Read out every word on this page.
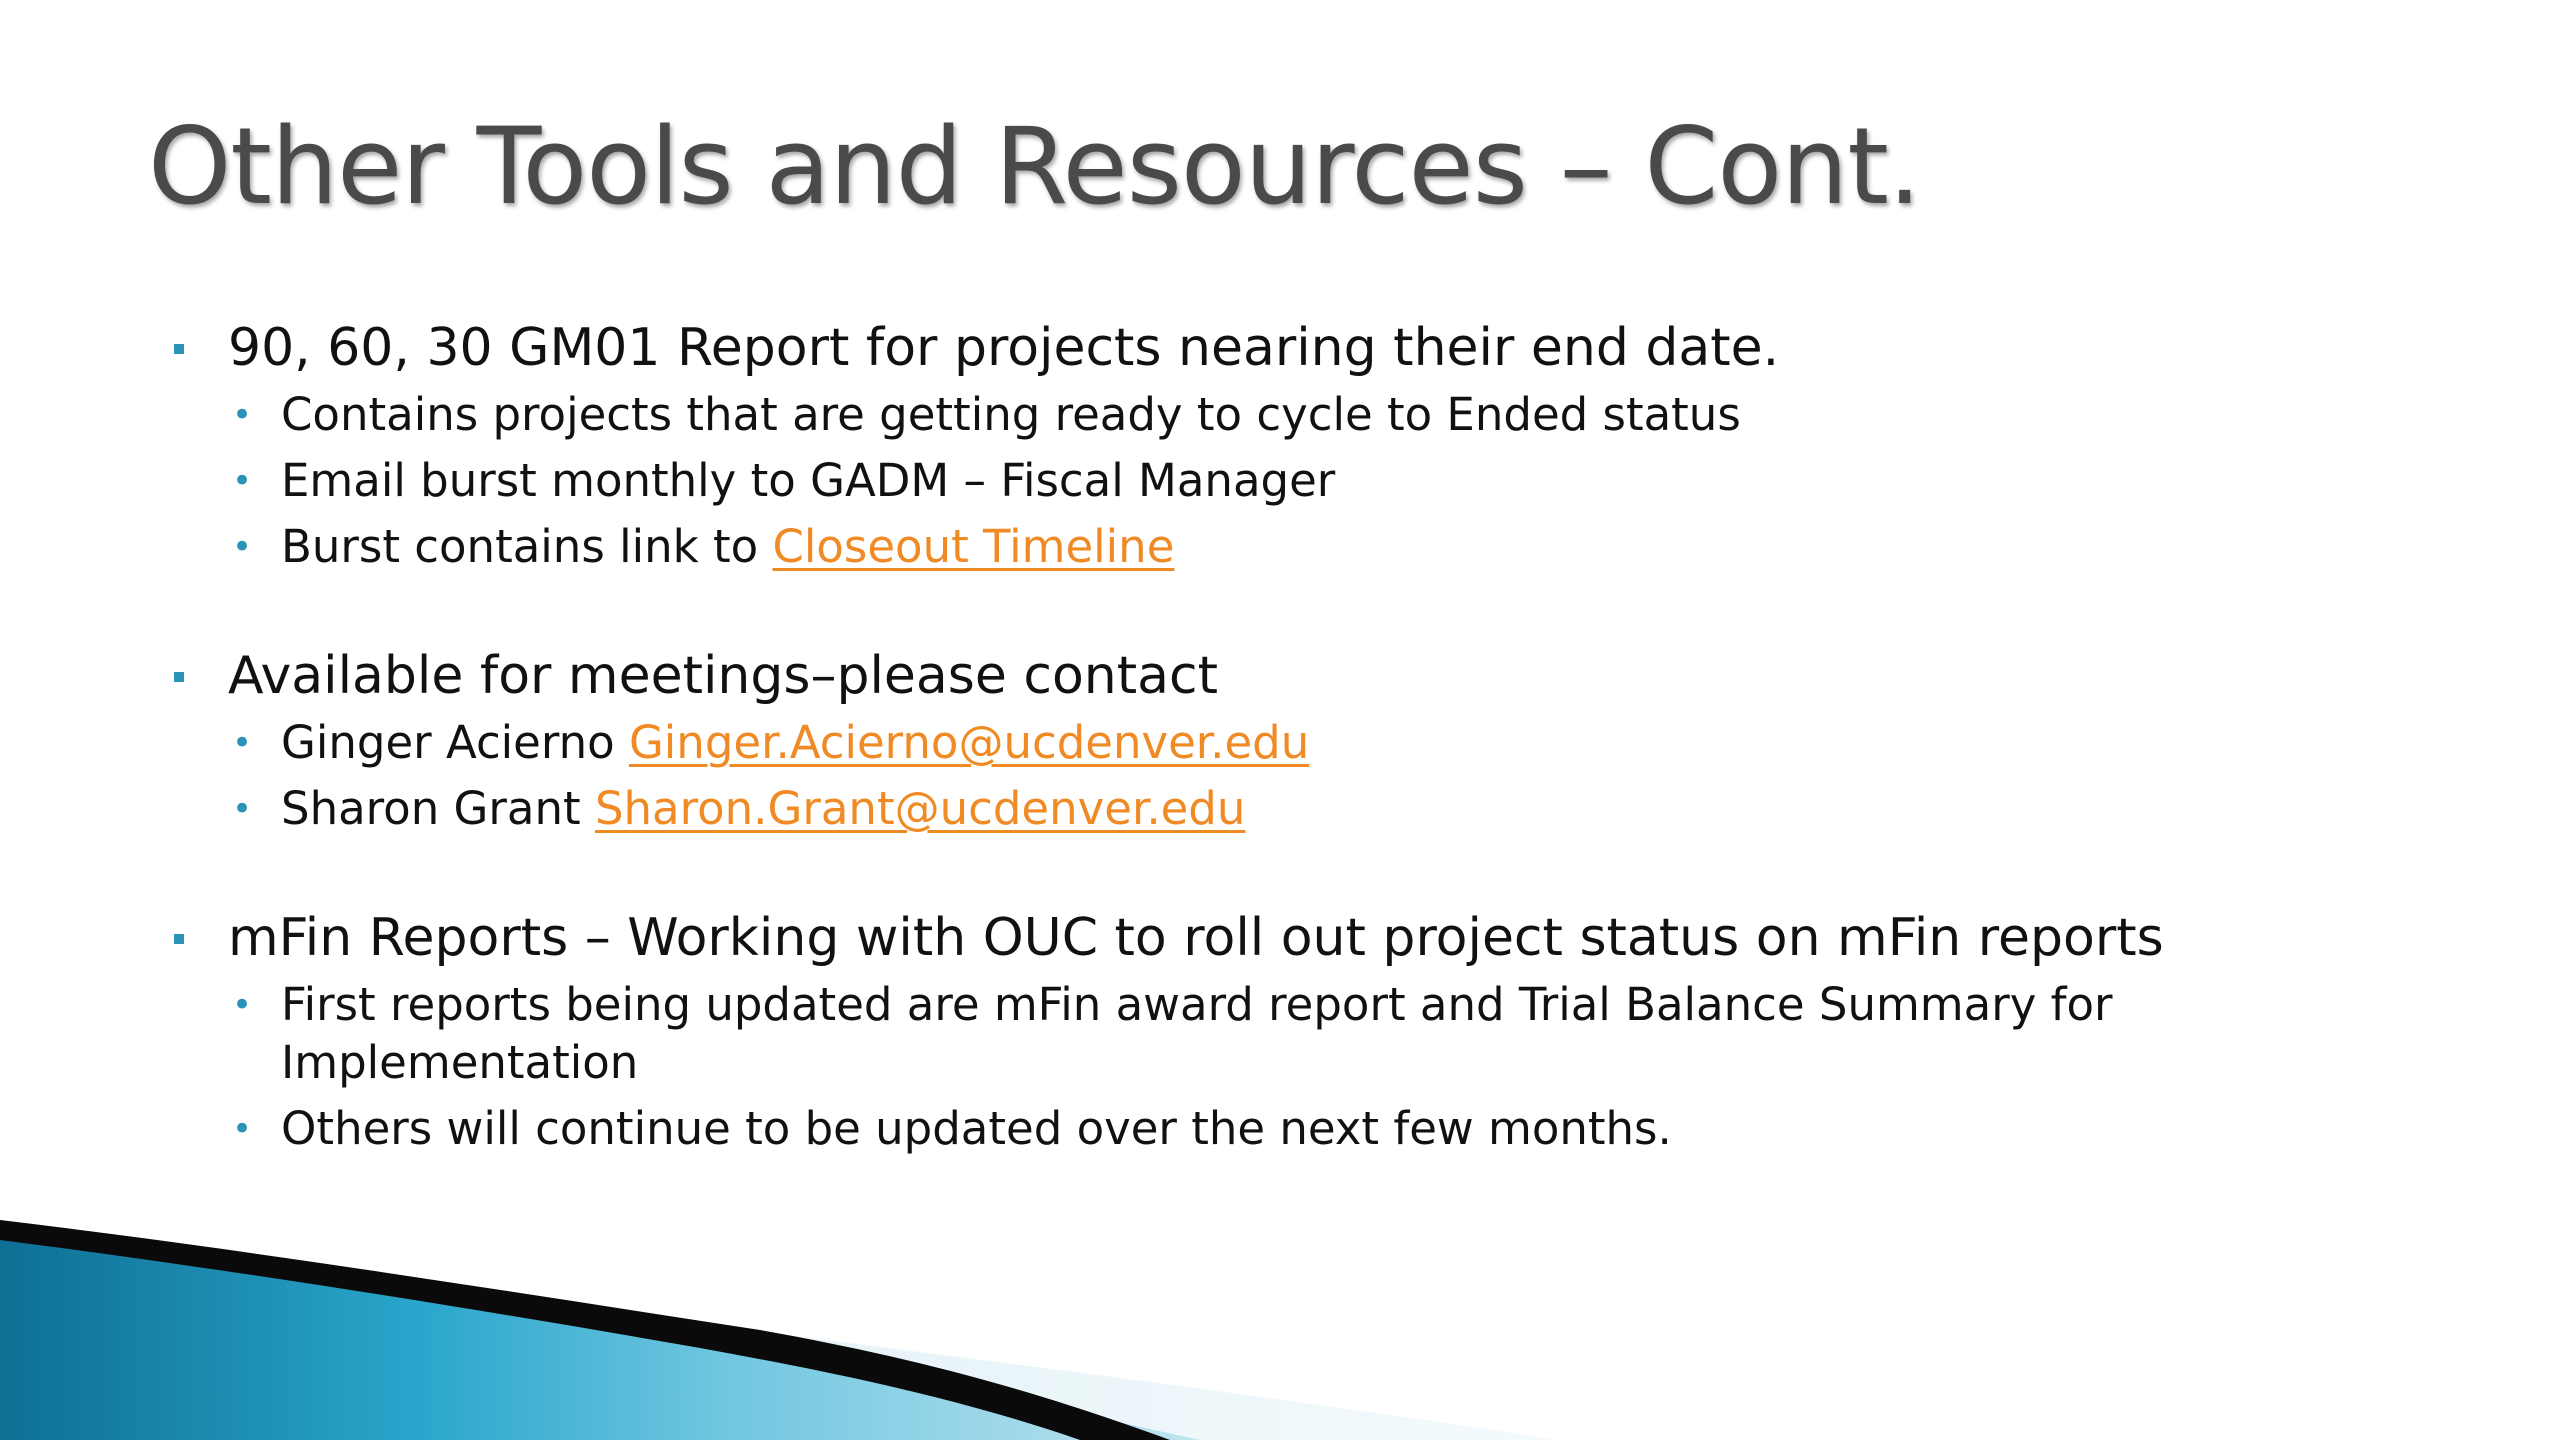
Other Tools and Resources – Cont.
90, 60, 30 GM01 Report for projects nearing their end date.
• Contains projects that are getting ready to cycle to Ended status
• Email burst monthly to GADM – Fiscal Manager
• Burst contains link to Closeout Timeline
Available for meetings–please contact
• Ginger Acierno Ginger.Acierno@ucdenver.edu
• Sharon Grant Sharon.Grant@ucdenver.edu
mFin Reports – Working with OUC to roll out project status on mFin reports
• First reports being updated are mFin award report and Trial Balance Summary for Implementation
• Others will continue to be updated over the next few months.
